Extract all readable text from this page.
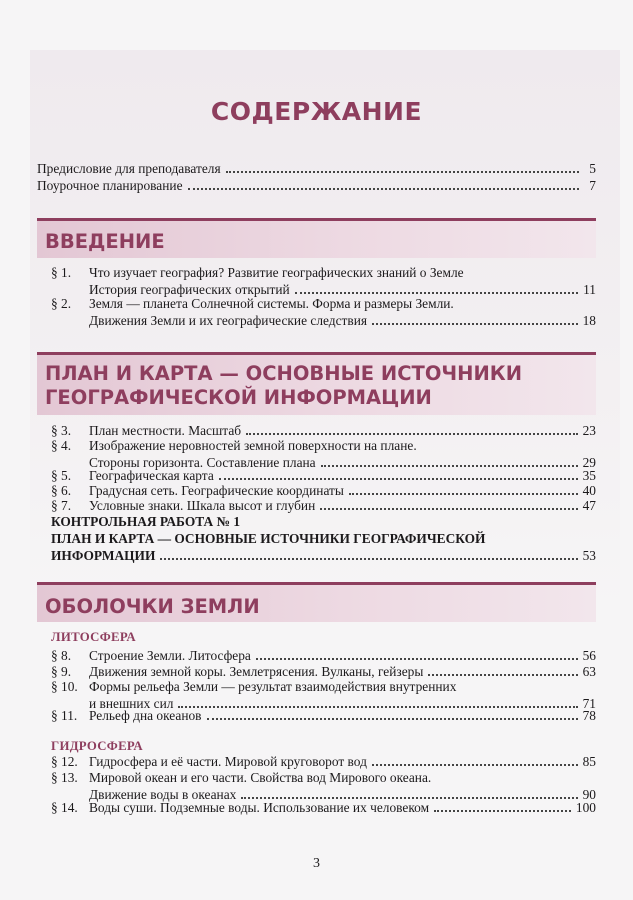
СОДЕРЖАНИЕ
Предисловие для преподавателя	5
Поурочное планирование	7
ВВЕДЕНИЕ
§ 1.	Что изучает география? Развитие географических знаний о Земле
История географических открытий	11
§ 2.	Земля — планета Солнечной системы. Форма и размеры Земли.
Движения Земли и их географические следствия	18
ПЛАН И КАРТА — ОСНОВНЫЕ ИСТОЧНИКИ
ГЕОГРАФИЧЕСКОЙ ИНФОРМАЦИИ
§ 3.	План местности. Масштаб	23
§ 4.	Изображение неровностей земной поверхности на плане.
Стороны горизонта. Составление плана	29
§ 5.	Географическая карта	35
§ 6.	Градусная сеть. Географические координаты	40
§ 7.	Условные знаки. Шкала высот и глубин	47
КОНТРОЛЬНАЯ РАБОТА № 1
ПЛАН И КАРТА — ОСНОВНЫЕ ИСТОЧНИКИ ГЕОГРАФИЧЕСКОЙ
ИНФОРМАЦИИ	53
ОБОЛОЧКИ ЗЕМЛИ
ЛИТОСФЕРА
§ 8.	Строение Земли. Литосфера	56
§ 9.	Движения земной коры. Землетрясения. Вулканы, гейзеры	63
§ 10. Формы рельефа Земли — результат взаимодействия внутренних
и внешних сил	71
§ 11. Рельеф дна океанов	78
ГИДРОСФЕРА
§ 12. Гидросфера и её части. Мировой круговорот вод	85
§ 13. Мировой океан и его части. Свойства вод Мирового океана.
Движение воды в океанах	90
§ 14. Воды суши. Подземные воды. Использование их человеком	100
3
